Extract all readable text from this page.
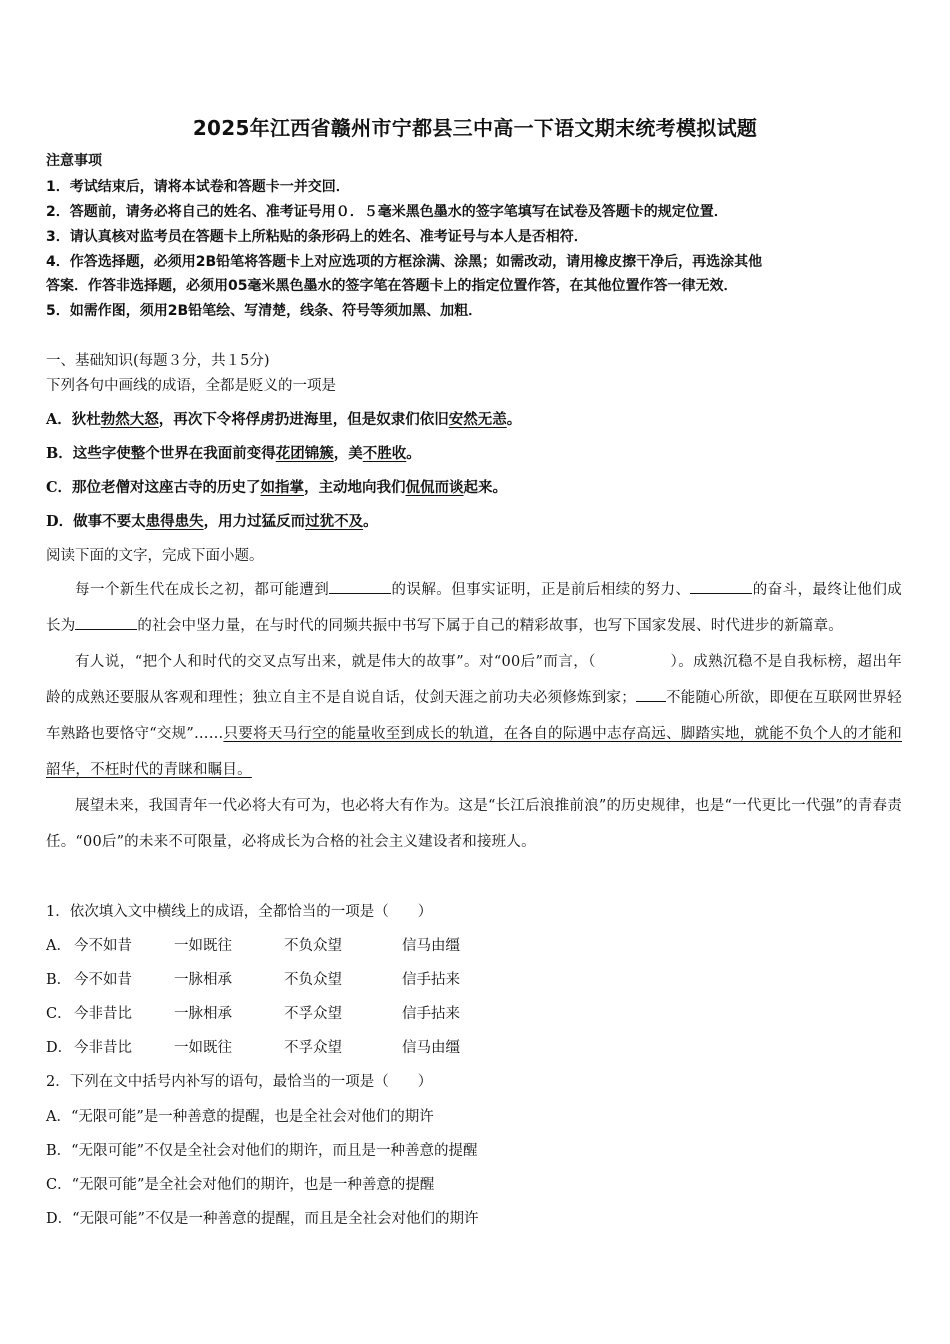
2025年江西省赣州市宁都县三中高一下语文期末统考模拟试题
注意事项
1．考试结束后，请将本试卷和答题卡一并交回．
2．答题前，请务必将自己的姓名、准考证号用０．５毫米黑色墨水的签字笔填写在试卷及答题卡的规定位置．
3．请认真核对监考员在答题卡上所粘贴的条形码上的姓名、准考证号与本人是否相符．
4．作答选择题，必须用2B铅笔将答题卡上对应选项的方框涂满、涂黑；如需改动，请用橡皮擦干净后，再选涂其他
答案．作答非选择题，必须用05毫米黑色墨水的签字笔在答题卡上的指定位置作答，在其他位置作答一律无效．
5．如需作图，须用2B铅笔绘、写清楚，线条、符号等须加黑、加粗．
一、基础知识(每题３分，共１5分)
下列各句中画线的成语，全都是贬义的一项是
A．狄杜勃然大怒，再次下令将俘虏扔进海里，但是奴隶们依旧安然无恙。
B．这些字使整个世界在我面前变得花团锦簇，美不胜收。
C．那位老僧对这座古寺的历史了如指掌，主动地向我们侃侃而谈起来。
D．做事不要太患得患失，用力过猛反而过犹不及。
阅读下面的文字，完成下面小题。

每一个新生代在成长之初，都可能遭到	的误解。但事实证明，正是前后相续的努力、	的奋斗，最终让他们成长为	的社会中坚力量，在与时代的同频共振中书写下属于自己的精彩故事，也写下国家发展、时代进步的新篇章。

有人说，“把个人和时代的交叉点写出来，就是伟大的故事”。对“00后”而言，（　　　　　）。成熟沉稳不是自我标榜，超出年龄的成熟还要服从客观和理性；独立自主不是自说自话，仗剑天涯之前功夫必须修炼到家； 不能随心所欲，即便在互联网世界轻车熟路也要恪守“交规”……只要将天马行空的能量收至到成长的轨道，在各自的际遇中志存高远、脚踏实地，就能不负个人的才能和韶华，不枉时代的青睐和瞩目。

展望未来，我国青年一代必将大有可为，也必将大有作为。这是“长江后浪推前浪”的历史规律，也是“一代更比一代强”的青春责任。“00后”的未来不可限量，必将成长为合格的社会主义建设者和接班人。

1．依次填入文中横线上的成语，全都恰当的一项是（　　）
A． 今不如昔	一如既往	不负众望	信马由缰
B． 今不如昔	一脉相承	不负众望	信手拈来
C． 今非昔比	一脉相承	不孚众望	信手拈来
D． 今非昔比	一如既往	不孚众望	信马由缰
2．下列在文中括号内补写的语句，最恰当的一项是（　　）
A．“无限可能”是一种善意的提醒，也是全社会对他们的期许
B．“无限可能”不仅是全社会对他们的期许，而且是一种善意的提醒
C．“无限可能”是全社会对他们的期许，也是一种善意的提醒
D．“无限可能”不仅是一种善意的提醒，而且是全社会对他们的期许
